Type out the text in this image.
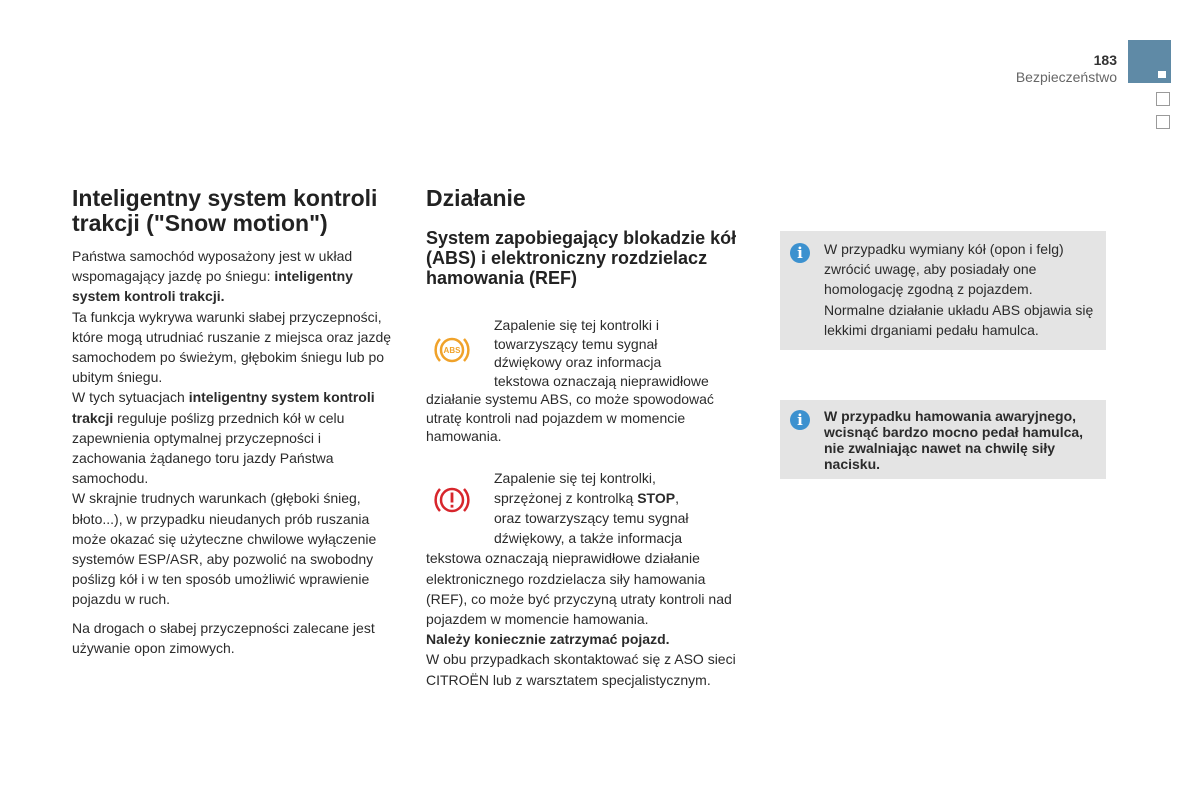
183
Bezpieczeństwo
Inteligentny system kontroli trakcji ("Snow motion")

Państwa samochód wyposażony jest w układ wspomagający jazdę po śniegu: inteligentny system kontroli trakcji.
Ta funkcja wykrywa warunki słabej przyczepności, które mogą utrudniać ruszanie z miejsca oraz jazdę samochodem po świeżym, głębokim śniegu lub po ubitym śniegu.
W tych sytuacjach inteligentny system kontroli trakcji reguluje poślizg przednich kół w celu zapewnienia optymalnej przyczepności i zachowania żądanego toru jazdy Państwa samochodu.
W skrajnie trudnych warunkach (głęboki śnieg, błoto...), w przypadku nieudanych prób ruszania może okazać się użyteczne chwilowe wyłączenie systemów ESP/ASR, aby pozwolić na swobodny poślizg kół i w ten sposób umożliwić wprawienie pojazdu w ruch.

Na drogach o słabej przyczepności zalecane jest używanie opon zimowych.

Działanie
System zapobiegający blokadzie kół (ABS) i elektroniczny rozdzielacz hamowania (REF)
ABS
Zapalenie się tej kontrolki i
towarzyszący temu sygnał
dźwiękowy oraz informacja
tekstowa oznaczają nieprawidłowe
działanie systemu ABS, co może spowodować utratę kontroli nad pojazdem w momencie hamowania.
Zapalenie się tej kontrolki,
sprzężonej z kontrolką STOP,
oraz towarzyszący temu sygnał
dźwiękowy, a także informacja
tekstowa oznaczają nieprawidłowe działanie elektronicznego rozdzielacza siły hamowania (REF), co może być przyczyną utraty kontroli nad pojazdem w momencie hamowania.
Należy koniecznie zatrzymać pojazd.
W obu przypadkach skontaktować się z ASO sieci CITROËN lub z warsztatem specjalistycznym.
i	W przypadku wymiany kół (opon i felg) zwrócić uwagę, aby posiadały one homologację zgodną z pojazdem. Normalne działanie układu ABS objawia się lekkimi drganiami pedału hamulca.
i	W przypadku hamowania awaryjnego, wcisnąć bardzo mocno pedał hamulca, nie zwalniając nawet na chwilę siły nacisku.
